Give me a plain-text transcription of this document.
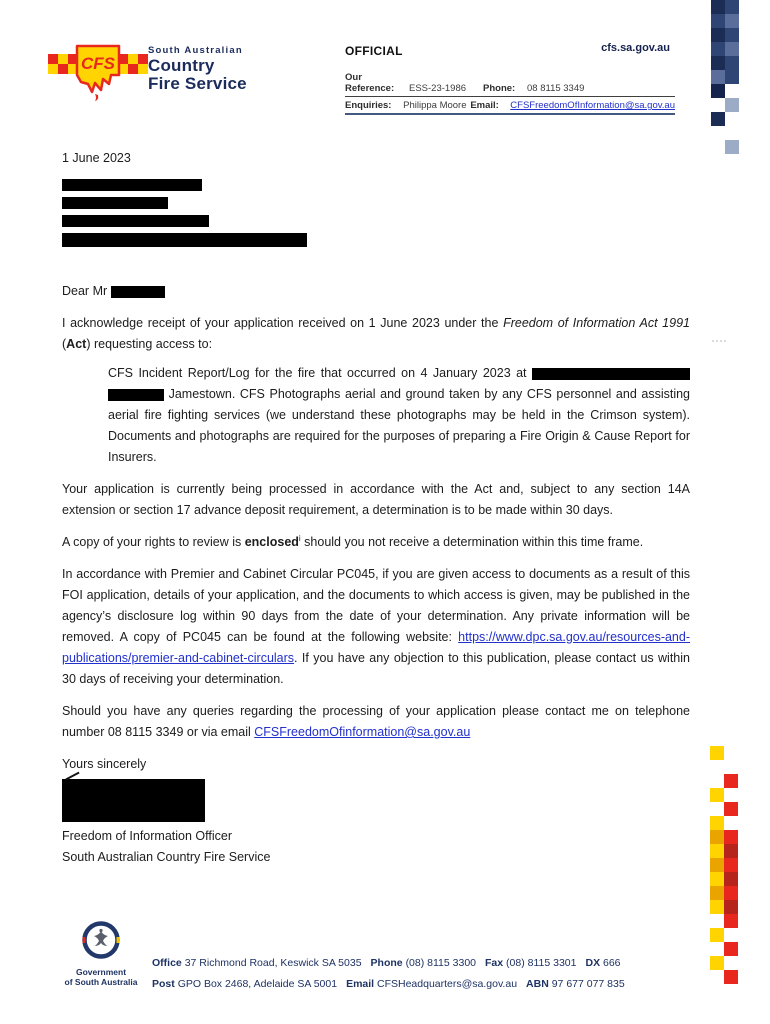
CFS
South Australian
Country
Fire Service
OFFICIAL	cfs.sa.gov.au
Our Reference:	ESS-23-1986	Phone:	08 8115 3349
Enquiries:	Philippa Moore Email:	CFSFreedomOfInformation@sa.gov.au
1 June 2023
Dear Mr

I acknowledge receipt of your application received on 1 June 2023 under the Freedom of Information Act 1991 (Act) requesting access to:

CFS Incident Report/Log for the fire that occurred on 4 January 2023 at   Jamestown. CFS Photographs aerial and ground taken by any CFS personnel and assisting aerial fire fighting services (we understand these photographs may be held in the Crimson system). Documents and photographs are required for the purposes of preparing a Fire Origin & Cause Report for Insurers.

Your application is currently being processed in accordance with the Act and, subject to any section 14A extension or section 17 advance deposit requirement, a determination is to be made within 30 days.

A copy of your rights to review is enclosed$^i$ should you not receive a determination within this time frame.

In accordance with Premier and Cabinet Circular PC045, if you are given access to documents as a result of this FOI application, details of your application, and the documents to which access is given, may be published in the agency’s disclosure log within 90 days from the date of your determination. Any private information will be removed. A copy of PC045 can be found at the following website: https://www.dpc.sa.gov.au/resources-and-publications/premier-and-cabinet-circulars. If you have any objection to this publication, please contact us within 30 days of receiving your determination.

Should you have any queries regarding the processing of your application please contact me on telephone number 08 8115 3349 or via email CFSFreedomOfinformation@sa.gov.au

Yours sincerely

Freedom of Information Officer
South Australian Country Fire Service
Government
of South Australia
Office 37 Richmond Road, Keswick SA 5035 Phone (08) 8115 3300 Fax (08) 8115 3301 DX 666
Post GPO Box 2468, Adelaide SA 5001 Email CFSHeadquarters@sa.gov.au ABN 97 677 077 835
